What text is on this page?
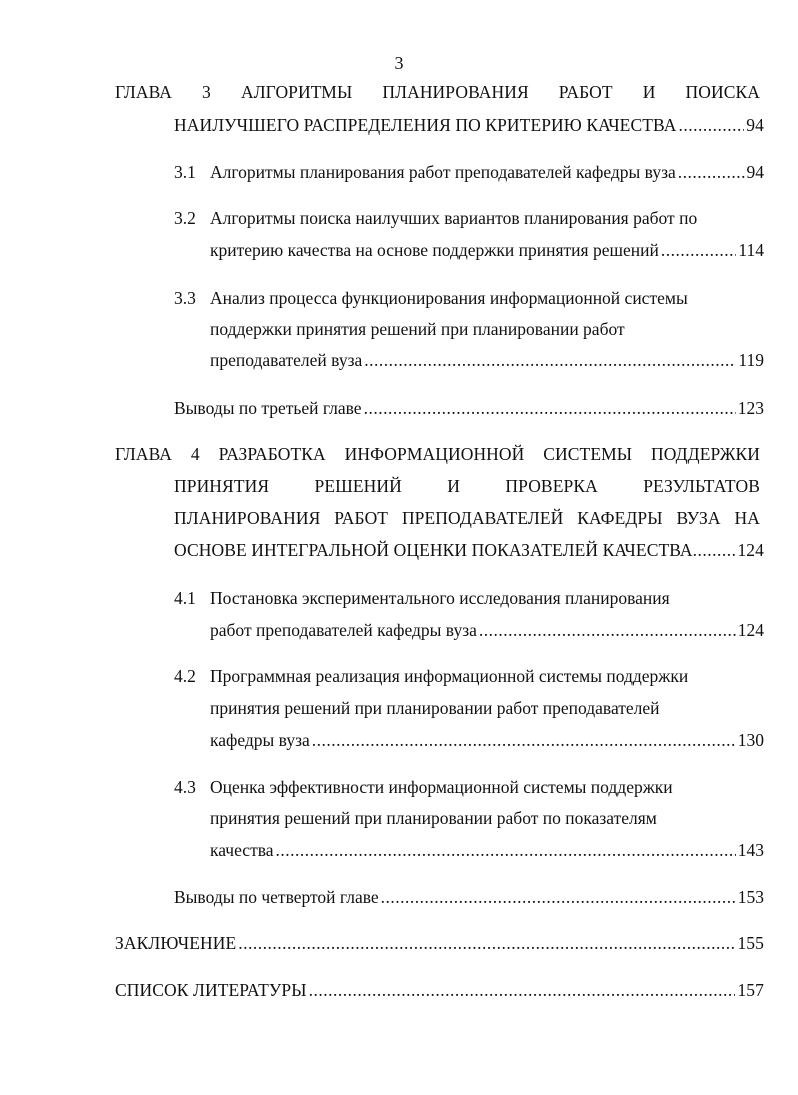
3
ГЛАВА 3 АЛГОРИТМЫ ПЛАНИРОВАНИЯ РАБОТ И ПОИСКА
НАИЛУЧШЕГО РАСПРЕДЕЛЕНИЯ ПО КРИТЕРИЮ КАЧЕСТВА .....	94
3.1 Алгоритмы планирования работ преподавателей кафедры вуза .....	94
3.2 Алгоритмы поиска наилучших вариантов планирования работ по
критерию качества на основе поддержки принятия решений .....	114
3.3 Анализ процесса функционирования информационной системы
поддержки принятия решений при планировании работ
преподавателей вуза .....	119
Выводы по третьей главе .....	123
ГЛАВА 4 РАЗРАБОТКА ИНФОРМАЦИОННОЙ СИСТЕМЫ ПОДДЕРЖКИ
ПРИНЯТИЯ РЕШЕНИЙ И ПРОВЕРКА РЕЗУЛЬТАТОВ
ПЛАНИРОВАНИЯ РАБОТ ПРЕПОДАВАТЕЛЕЙ КАФЕДРЫ ВУЗА НА
ОСНОВЕ ИНТЕГРАЛЬНОЙ ОЦЕНКИ ПОКАЗАТЕЛЕЙ КАЧЕСТВА .....	124
4.1 Постановка экспериментального исследования планирования
работ преподавателей кафедры вуза .....	124
4.2 Программная реализация информационной системы поддержки
принятия решений при планировании работ преподавателей
кафедры вуза .....	130
4.3 Оценка эффективности информационной системы поддержки
принятия решений при планировании работ по показателям
качества .....	143
Выводы по четвертой главе .....	153
ЗАКЛЮЧЕНИЕ .....	155
СПИСОК ЛИТЕРАТУРЫ .....	157
